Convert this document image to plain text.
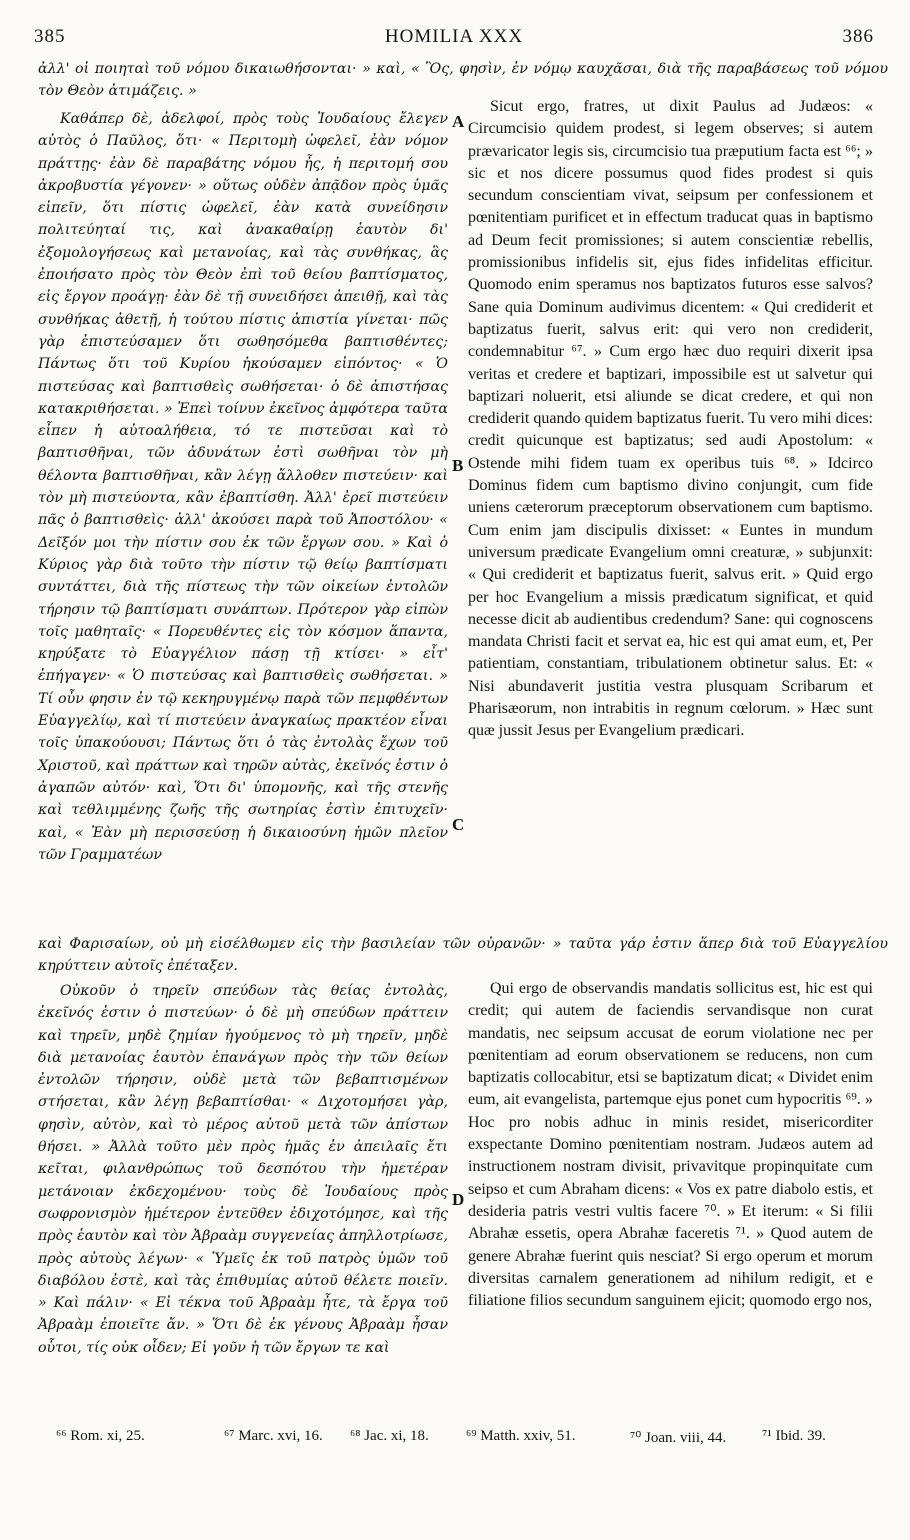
385	HOMILIA XXX	386
ἀλλ' οἱ ποιηταὶ τοῦ νόμου δικαιωθήσονται· » καὶ, « Ὃς, φησὶν, ἐν νόμῳ καυχᾶσαι, διὰ τῆς παραβάσεως τοῦ νόμου τὸν Θεὸν ἀτιμάζεις. »

Καθάπερ δὲ, ἀδελφοί, πρὸς τοὺς Ἰουδαίους ἔλεγεν αὐτὸς ὁ Παῦλος, ὅτι· « Περιτομὴ ὠφελεῖ, ἐὰν νόμον πράττῃς· ἐὰν δὲ παραβάτης νόμου ἦς, ἡ περιτομή σου ἀκροβυστία γέγονεν· » οὕτως οὐδὲν ἀπᾷδον πρὸς ὑμᾶς εἰπεῖν, ὅτι πίστις ὠφελεῖ, ἐὰν κατὰ συνείδησιν πολιτεύηταί τις, καὶ ἀνακαθαίρῃ ἑαυτὸν δι' ἐξομολογήσεως καὶ μετανοίας, καὶ τὰς συνθήκας, ἃς ἐποιήσατο πρὸς τὸν Θεὸν ἐπὶ τοῦ θείου βαπτίσματος, εἰς ἔργον προάγῃ· ἐὰν δὲ τῇ συνειδήσει ἀπειθῇ, καὶ τὰς συνθήκας ἀθετῇ, ἡ τούτου πίστις ἀπιστία γίνεται· πῶς γὰρ ἐπιστεύσαμεν ὅτι σωθησόμεθα βαπτισθέντες; Πάντως ὅτι τοῦ Κυρίου ἠκούσαμεν εἰπόντος· « Ὁ πιστεύσας καὶ βαπτισθεὶς σωθήσεται· ὁ δὲ ἀπιστήσας κατακριθήσεται. » Ἐπεὶ τοίνυν ἐκεῖνος ἀμφότερα ταῦτα εἶπεν ἡ αὐτοαλήθεια, τό τε πιστεῦσαι καὶ τὸ βαπτισθῆναι, τῶν ἀδυνάτων ἐστὶ σωθῆναι τὸν μὴ θέλοντα βαπτισθῆναι, κἂν λέγῃ ἄλλοθεν πιστεύειν· καὶ τὸν μὴ πιστεύοντα, κἂν ἐβαπτίσθη. Ἀλλ' ἐρεῖ πιστεύειν πᾶς ὁ βαπτισθεὶς· ἀλλ' ἀκούσει παρὰ τοῦ Ἀποστόλου· « Δεῖξόν μοι τὴν πίστιν σου ἐκ τῶν ἔργων σου. » Καὶ ὁ Κύριος γὰρ διὰ τοῦτο τὴν πίστιν τῷ θείῳ βαπτίσματι συντάττει, διὰ τῆς πίστεως τὴν τῶν οἰκείων ἐντολῶν τήρησιν τῷ βαπτίσματι συνάπτων. Πρότερον γὰρ εἰπὼν τοῖς μαθηταῖς· « Πορευθέντες εἰς τὸν κόσμον ἅπαντα, κηρύξατε τὸ Εὐαγγέλιον πάσῃ τῇ κτίσει· » εἶτ' ἐπήγαγεν· « Ὁ πιστεύσας καὶ βαπτισθεὶς σωθήσεται. » Τί οὖν φησιν ἐν τῷ κεκηρυγμένῳ παρὰ τῶν πεμφθέντων Εὐαγγελίῳ, καὶ τί πιστεύειν ἀναγκαίως πρακτέον εἶναι τοῖς ὑπακούουσι; Πάντως ὅτι ὁ τὰς ἐντολὰς ἔχων τοῦ Χριστοῦ, καὶ πράττων καὶ τηρῶν αὐτὰς, ἐκεῖνός ἐστιν ὁ ἀγαπῶν αὐτόν· καὶ, Ὅτι δι' ὑπομονῆς, καὶ τῆς στενῆς καὶ τεθλιμμένης ζωῆς τῆς σωτηρίας ἐστὶν ἐπιτυχεῖν· καὶ, « Ἐὰν μὴ περισσεύσῃ ἡ δικαιοσύνη ἡμῶν πλεῖον τῶν Γραμματέων

Sicut ergo, fratres, ut dixit Paulus ad Judæos: « Circumcisio quidem prodest, si legem observes; si autem prævaricator legis sis, circumcisio tua præputium facta est ⁶⁶; » sic et nos dicere possumus quod fides prodest si quis secundum conscientiam vivat, seipsum per confessionem et pœnitentiam purificet et in effectum traducat quas in baptismo ad Deum fecit promissiones; si autem conscientiæ rebellis, promissionibus infidelis sit, ejus fides infidelitas efficitur. Quomodo enim speramus nos baptizatos futuros esse salvos? Sane quia Dominum audivimus dicentem: « Qui crediderit et baptizatus fuerit, salvus erit: qui vero non crediderit, condemnabitur ⁶⁷. » Cum ergo hæc duo requiri dixerit ipsa veritas et credere et baptizari, impossibile est ut salvetur qui baptizari noluerit, etsi aliunde se dicat credere, et qui non crediderit quando quidem baptizatus fuerit. Tu vero mihi dices: credit quicunque est baptizatus; sed audi Apostolum: « Ostende mihi fidem tuam ex operibus tuis ⁶⁸. » Idcirco Dominus fidem cum baptismo divino conjungit, cum fide uniens cæterorum præceptorum observationem cum baptismo. Cum enim jam discipulis dixisset: « Euntes in mundum universum prædicate Evangelium omni creaturæ, » subjunxit: « Qui crediderit et baptizatus fuerit, salvus erit. » Quid ergo per hoc Evangelium a missis prædicatum significat, et quid necesse dicit ab audientibus credendum? Sane: qui cognoscens mandata Christi facit et servat ea, hic est qui amat eum, et, Per patientiam, constantiam, tribulationem obtinetur salus. Et: « Nisi abundaverit justitia vestra plusquam Scribarum et Pharisæorum, non intrabitis in regnum cœlorum. » Hæc sunt quæ jussit Jesus per Evangelium prædicari.

A
B
C
D
καὶ Φαρισαίων, οὐ μὴ εἰσέλθωμεν εἰς τὴν βασιλείαν τῶν οὐρανῶν· » ταῦτα γάρ ἐστιν ἅπερ διὰ τοῦ Εὐαγγελίου κηρύττειν αὐτοῖς ἐπέταξεν.

Οὐκοῦν ὁ τηρεῖν σπεύδων τὰς θείας ἐντολὰς, ἐκεῖνός ἐστιν ὁ πιστεύων· ὁ δὲ μὴ σπεύδων πράττειν καὶ τηρεῖν, μηδὲ ζημίαν ἡγούμενος τὸ μὴ τηρεῖν, μηδὲ διὰ μετανοίας ἑαυτὸν ἐπανάγων πρὸς τὴν τῶν θείων ἐντολῶν τήρησιν, οὐδὲ μετὰ τῶν βεβαπτισμένων στήσεται, κἂν λέγῃ βεβαπτίσθαι· « Διχοτομήσει γὰρ, φησὶν, αὐτὸν, καὶ τὸ μέρος αὐτοῦ μετὰ τῶν ἀπίστων θήσει. » Ἀλλὰ τοῦτο μὲν πρὸς ἡμᾶς ἐν ἀπειλαῖς ἔτι κεῖται, φιλανθρώπως τοῦ δεσπότου τὴν ἡμετέραν μετάνοιαν ἐκδεχομένου· τοὺς δὲ Ἰουδαίους πρὸς σωφρονισμὸν ἡμέτερον ἐντεῦθεν ἐδιχοτόμησε, καὶ τῆς πρὸς ἑαυτὸν καὶ τὸν Ἀβραὰμ συγγενείας ἀπηλλοτρίωσε, πρὸς αὐτοὺς λέγων· « Ὑμεῖς ἐκ τοῦ πατρὸς ὑμῶν τοῦ διαβόλου ἐστὲ, καὶ τὰς ἐπιθυμίας αὐτοῦ θέλετε ποιεῖν. » Καὶ πάλιν· « Εἰ τέκνα τοῦ Ἀβραὰμ ἦτε, τὰ ἔργα τοῦ Ἀβραὰμ ἐποιεῖτε ἄν. » Ὅτι δὲ ἐκ γένους Ἀβραὰμ ἦσαν οὗτοι, τίς οὐκ οἶδεν; Εἰ γοῦν ἡ τῶν ἔργων τε καὶ

Qui ergo de observandis mandatis sollicitus est, hic est qui credit; qui autem de faciendis servandisque non curat mandatis, nec seipsum accusat de eorum violatione nec per pœnitentiam ad eorum observationem se reducens, non cum baptizatis collocabitur, etsi se baptizatum dicat; « Dividet enim eum, ait evangelista, partemque ejus ponet cum hypocritis ⁶⁹. » Hoc pro nobis adhuc in minis residet, misericorditer exspectante Domino pœnitentiam nostram. Judæos autem ad instructionem nostram divisit, privavitque propinquitate cum seipso et cum Abraham dicens: « Vos ex patre diabolo estis, et desideria patris vestri vultis facere ⁷⁰. » Et iterum: « Si filii Abrahæ essetis, opera Abrahæ faceretis ⁷¹. » Quod autem de genere Abrahæ fuerint quis nesciat? Si ergo operum et morum diversitas carnalem generationem ad nihilum redigit, et e filiatione filios secundum sanguinem ejicit; quomodo ergo nos,

⁶⁶ Rom. xi, 25.	⁶⁷ Marc. xvi, 16. ⁶⁸ Jac. xi, 18. ⁶⁹ Matth. xxiv, 51.	⁷⁰ Joan. viii, 44. ⁷¹ Ibid. 39.
